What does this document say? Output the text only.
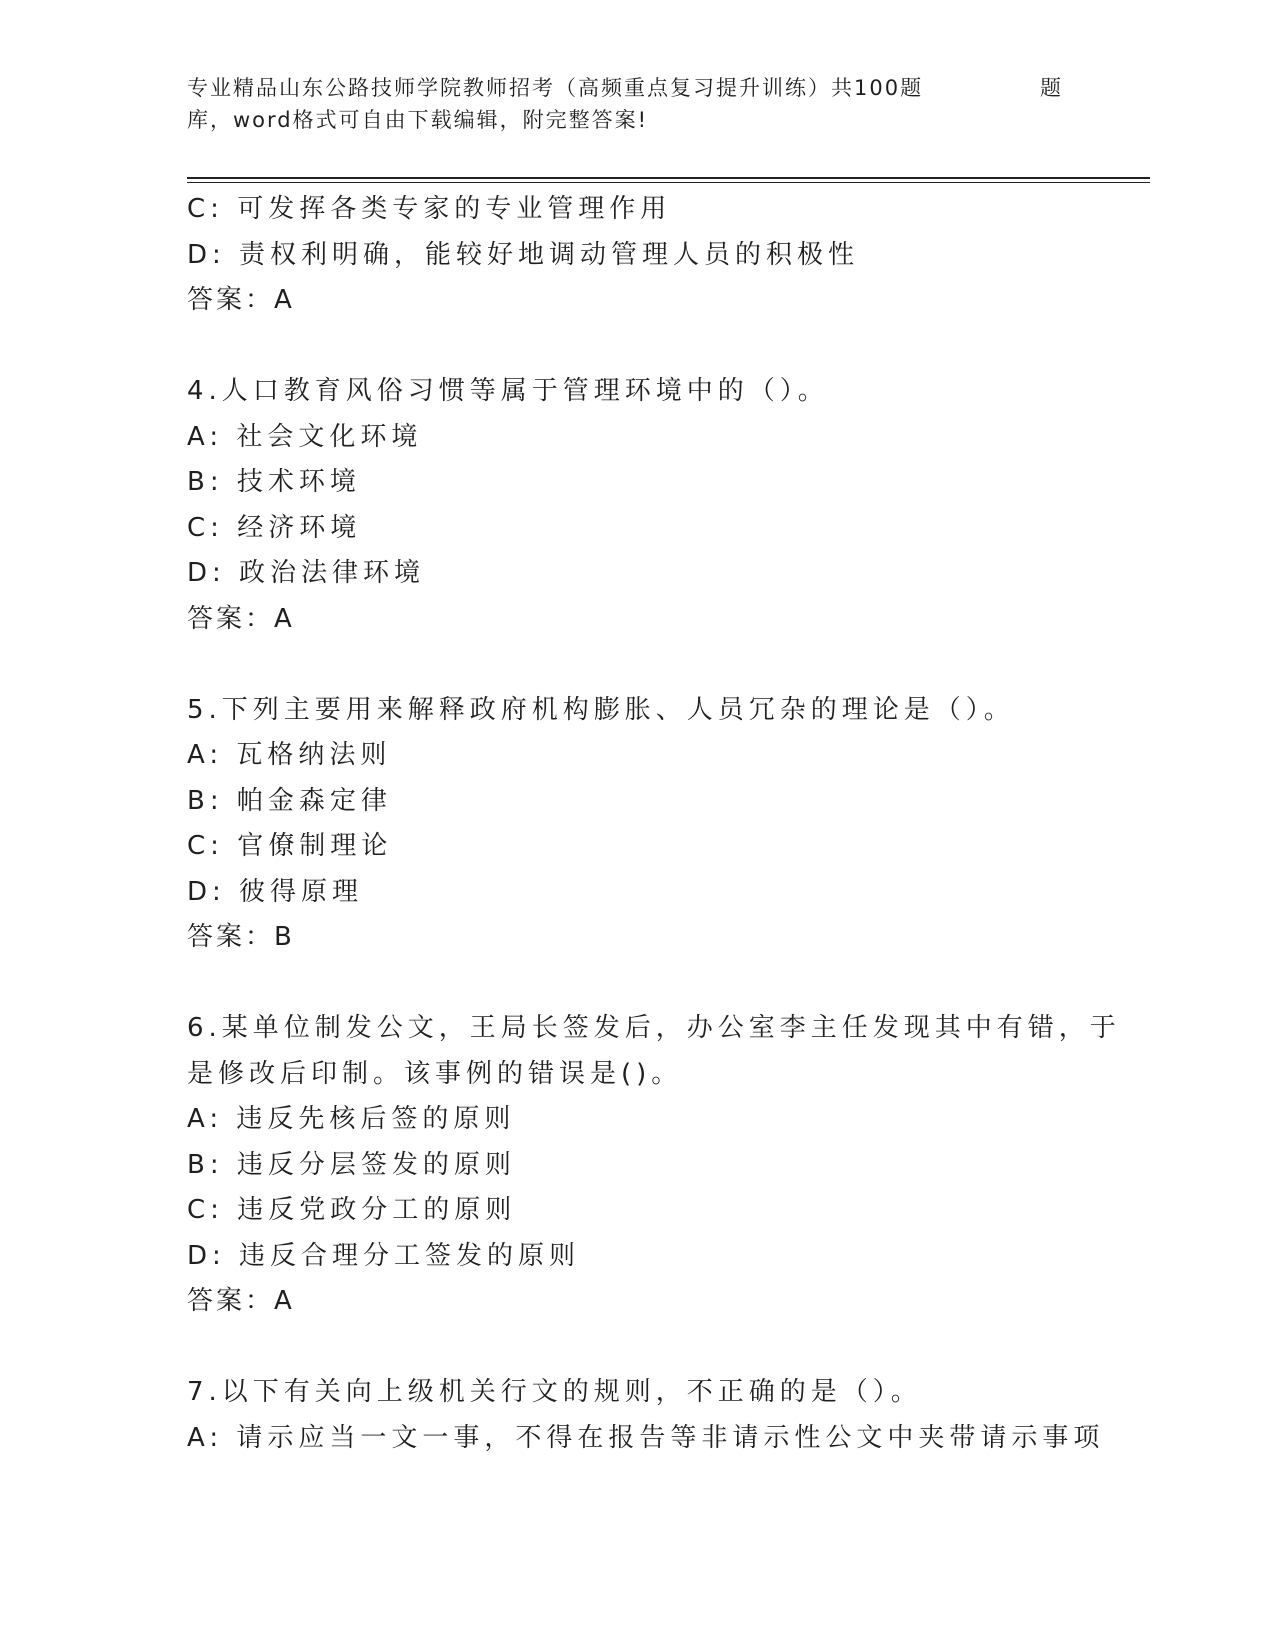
专业精品山东公路技师学院教师招考（高频重点复习提升训练）共100题	题
库，word格式可自由下载编辑，附完整答案!
C: 可发挥各类专家的专业管理作用
D: 责权利明确，能较好地调动管理人员的积极性
答案：A
4.人口教育风俗习惯等属于管理环境中的（）。
A: 社会文化环境
B: 技术环境
C: 经济环境
D: 政治法律环境
答案：A
5.下列主要用来解释政府机构膨胀、人员冗杂的理论是（）。
A: 瓦格纳法则
B: 帕金森定律
C: 官僚制理论
D: 彼得原理
答案：B
6.某单位制发公文，王局长签发后，办公室李主任发现其中有错，于
是修改后印制。该事例的错误是()。
A: 违反先核后签的原则
B: 违反分层签发的原则
C: 违反党政分工的原则
D: 违反合理分工签发的原则
答案：A
7.以下有关向上级机关行文的规则，不正确的是（）。
A: 请示应当一文一事，不得在报告等非请示性公文中夹带请示事项
